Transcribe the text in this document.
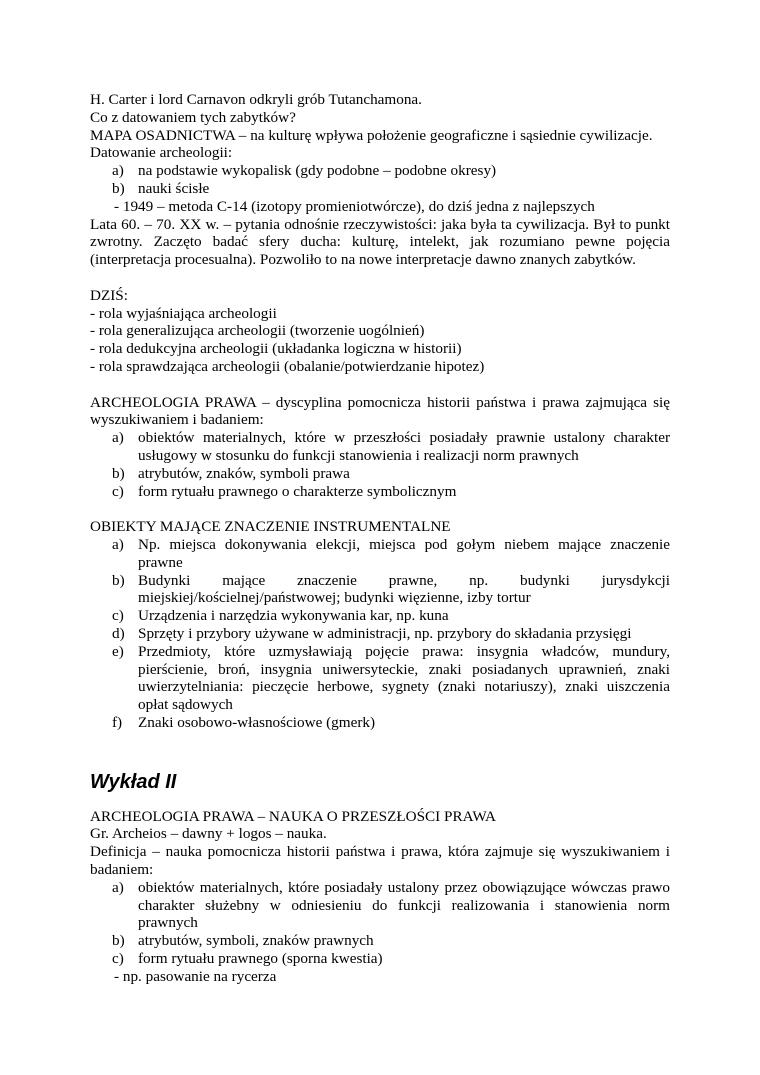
H. Carter i lord Carnavon odkryli grób Tutanchamona.

Co z datowaniem tych zabytków?

MAPA OSADNICTWA – na kulturę wpływa położenie geograficzne i sąsiednie cywilizacje.

Datowanie archeologii:

a) na podstawie wykopalisk (gdy podobne – podobne okresy)
b) nauki ścisłe

- 1949 – metoda C-14 (izotopy promieniotwórcze), do dziś jedna z najlepszych

Lata 60. – 70. XX w. – pytania odnośnie rzeczywistości: jaka była ta cywilizacja. Był to punkt zwrotny. Zaczęto badać sfery ducha: kulturę, intelekt, jak rozumiano pewne pojęcia (interpretacja procesualna). Pozwoliło to na nowe interpretacje dawno znanych zabytków.

DZIŚ:

- rola wyjaśniająca archeologii

- rola generalizująca archeologii (tworzenie uogólnień)

- rola dedukcyjna archeologii (układanka logiczna w historii)

- rola sprawdzająca archeologii (obalanie/potwierdzanie hipotez)

ARCHEOLOGIA PRAWA – dyscyplina pomocnicza historii państwa i prawa zajmująca się wyszukiwaniem i badaniem:

a) obiektów materialnych, które w przeszłości posiadały prawnie ustalony charakter usługowy w stosunku do funkcji stanowienia i realizacji norm prawnych
b) atrybutów, znaków, symboli prawa
c) form rytuału prawnego o charakterze symbolicznym

OBIEKTY MAJĄCE ZNACZENIE INSTRUMENTALNE

a) Np. miejsca dokonywania elekcji, miejsca pod gołym niebem mające znaczenie prawne
b) Budynki mające znaczenie prawne, np. budynki jurysdykcji miejskiej/kościelnej/państwowej; budynki więzienne, izby tortur
c) Urządzenia i narzędzia wykonywania kar, np. kuna
d) Sprzęty i przybory używane w administracji, np. przybory do składania przysięgi
e) Przedmioty, które uzmysławiają pojęcie prawa: insygnia władców, mundury, pierścienie, broń, insygnia uniwersyteckie, znaki posiadanych uprawnień, znaki uwierzytelniania: pieczęcie herbowe, sygnety (znaki notariuszy), znaki uiszczenia opłat sądowych
f) Znaki osobowo-własnościowe (gmerk)
Wykład II

ARCHEOLOGIA PRAWA – NAUKA O PRZESZŁOŚCI PRAWA

Gr. Archeios – dawny + logos – nauka.

Definicja – nauka pomocnicza historii państwa i prawa, która zajmuje się wyszukiwaniem i badaniem:

a) obiektów materialnych, które posiadały ustalony przez obowiązujące wówczas prawo charakter służebny w odniesieniu do funkcji realizowania i stanowienia norm prawnych
b) atrybutów, symboli, znaków prawnych
c) form rytuału prawnego (sporna kwestia)

- np. pasowanie na rycerza
